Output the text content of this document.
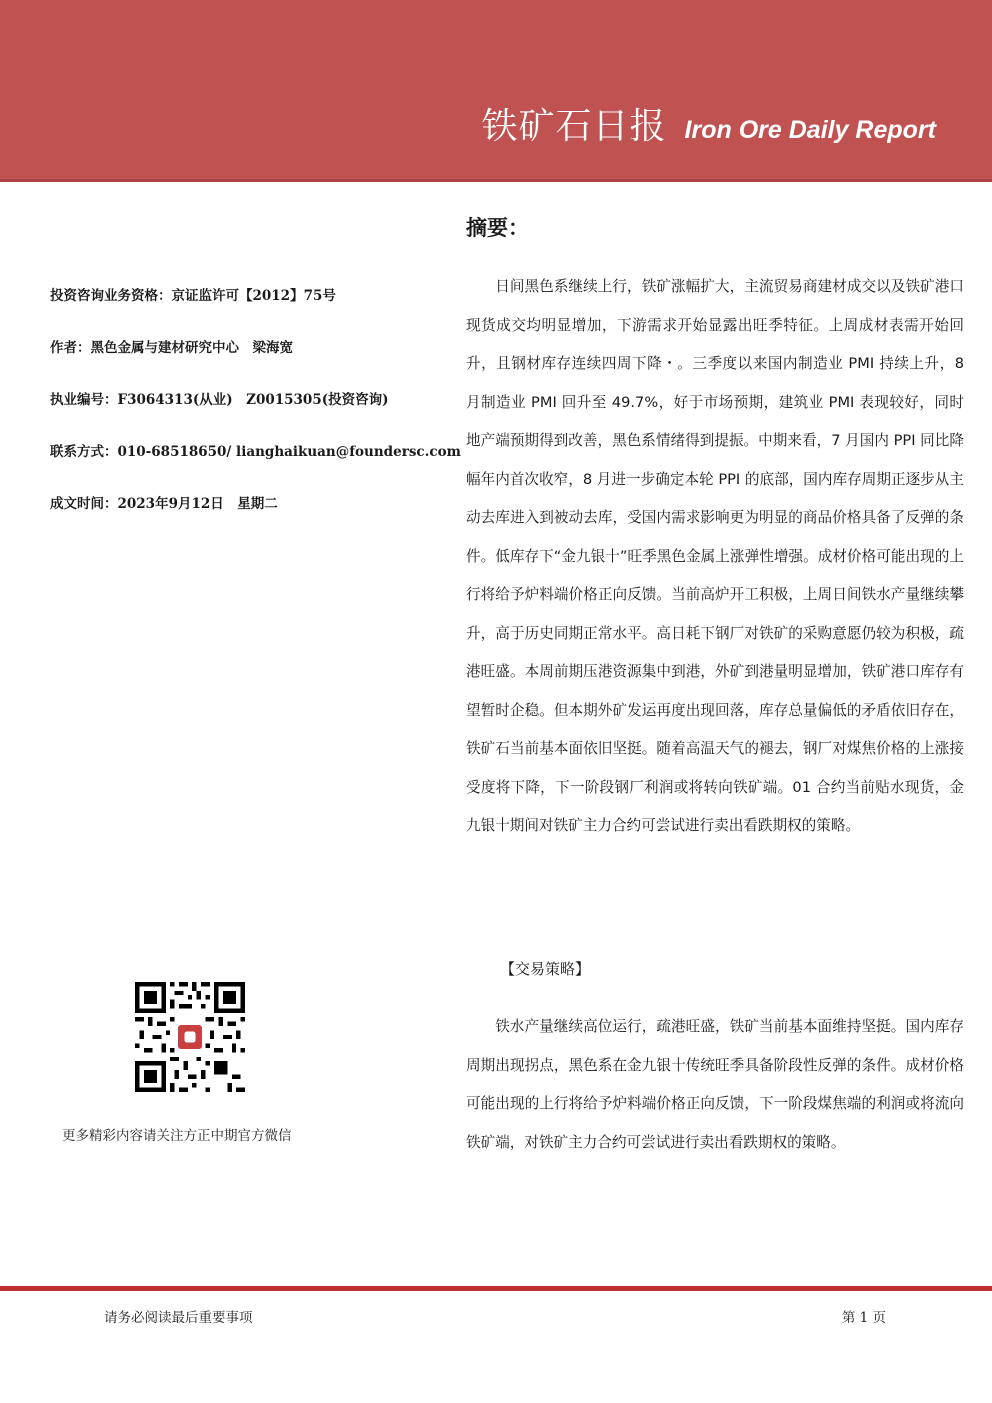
铁矿石日报 Iron Ore Daily Report
投资咨询业务资格：京证监许可【2012】75号
作者：黑色金属与建材研究中心　梁海宽
执业编号：F3064313(从业)　Z0015305(投资咨询)
联系方式：010-68518650/ lianghaikuan@foundersc.com
成文时间：2023年9月12日　星期二
更多精彩内容请关注方正中期官方微信
摘要：
日间黑色系继续上行，铁矿涨幅扩大，主流贸易商建材成交以及铁矿港口现货成交均明显增加，下游需求开始显露出旺季特征。上周成材表需开始回升，且钢材库存连续四周下降・。三季度以来国内制造业 PMI 持续上升，8 月制造业 PMI 回升至 49.7%，好于市场预期，建筑业 PMI 表现较好，同时地产端预期得到改善，黑色系情绪得到提振。中期来看，7 月国内 PPI 同比降幅年内首次收窄，8 月进一步确定本轮 PPI 的底部，国内库存周期正逐步从主动去库进入到被动去库，受国内需求影响更为明显的商品价格具备了反弹的条件。低库存下“金九银十”旺季黑色金属上涨弹性增强。成材价格可能出现的上行将给予炉料端价格正向反馈。当前高炉开工积极，上周日间铁水产量继续攀升，高于历史同期正常水平。高日耗下钢厂对铁矿的采购意愿仍较为积极，疏港旺盛。本周前期压港资源集中到港，外矿到港量明显增加，铁矿港口库存有望暂时企稳。但本期外矿发运再度出现回落，库存总量偏低的矛盾依旧存在，铁矿石当前基本面依旧坚挺。随着高温天气的褪去，钢厂对煤焦价格的上涨接受度将下降，下一阶段钢厂利润或将转向铁矿端。01 合约当前贴水现货，金九银十期间对铁矿主力合约可尝试进行卖出看跌期权的策略。
【交易策略】
铁水产量继续高位运行，疏港旺盛，铁矿当前基本面维持坚挺。国内库存周期出现拐点，黑色系在金九银十传统旺季具备阶段性反弹的条件。成材价格可能出现的上行将给予炉料端价格正向反馈，下一阶段煤焦端的利润或将流向铁矿端，对铁矿主力合约可尝试进行卖出看跌期权的策略。
请务必阅读最后重要事项	第 1 页
